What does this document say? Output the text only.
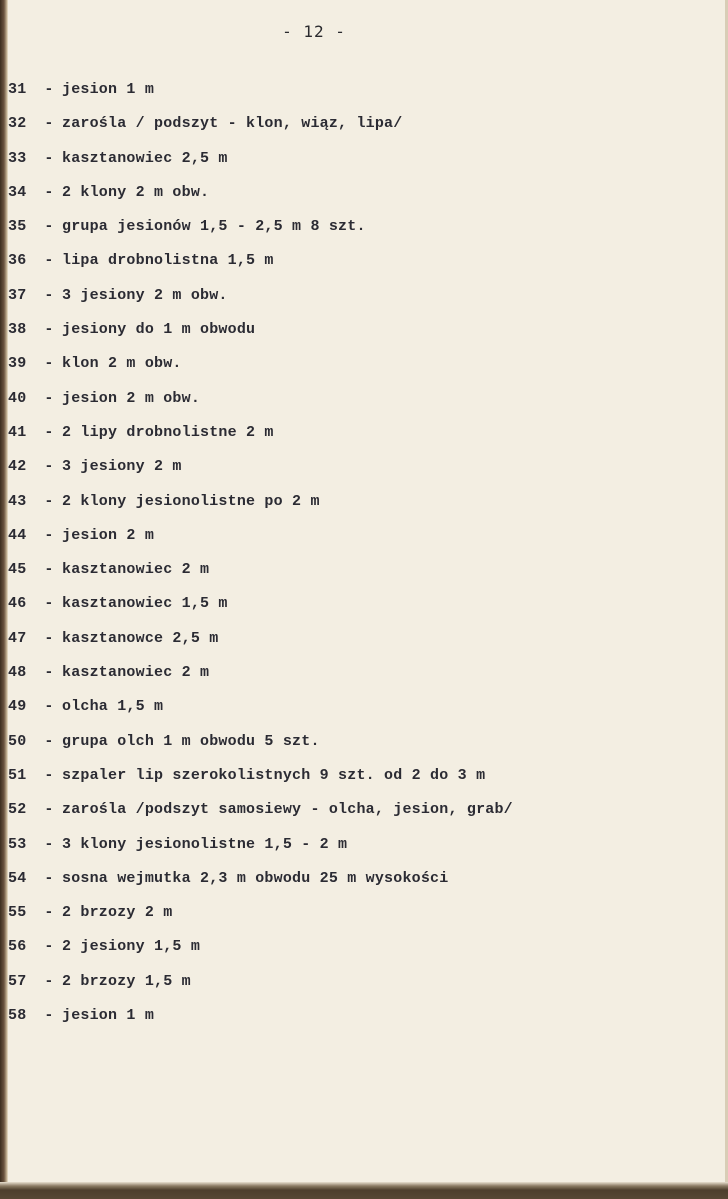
- 12 -
31 - jesion 1 m
32 - zarośla / podszyt - klon, wiąz, lipa/
33 - kasztanowiec 2,5 m
34 - 2 klony 2 m obw.
35 - grupa jesionów 1,5 - 2,5 m 8 szt.
36 - lipa drobnolistna 1,5 m
37 - 3 jesiony 2 m obw.
38 - jesiony do 1 m obwodu
39 - klon 2 m obw.
40 - jesion 2 m obw.
41 - 2 lipy drobnolistne 2 m
42 - 3 jesiony 2 m
43 - 2 klony jesionolistne po 2 m
44 - jesion 2 m
45 - kasztanowiec 2 m
46 - kasztanowiec 1,5 m
47 - kasztanowce 2,5 m
48 - kasztanowiec 2 m
49 - olcha 1,5 m
50 - grupa olch 1 m obwodu 5 szt.
51 - szpaler lip szerokolistnych 9 szt. od 2 do 3 m
52 - zarośla /podszyt samosiewy - olcha, jesion, grab/
53 - 3 klony jesionolistne 1,5 - 2 m
54 - sosna wejmutka 2,3 m obwodu 25 m wysokości
55 - 2 brzozy 2 m
56 - 2 jesiony 1,5 m
57 - 2 brzozy 1,5 m
58 - jesion 1 m
